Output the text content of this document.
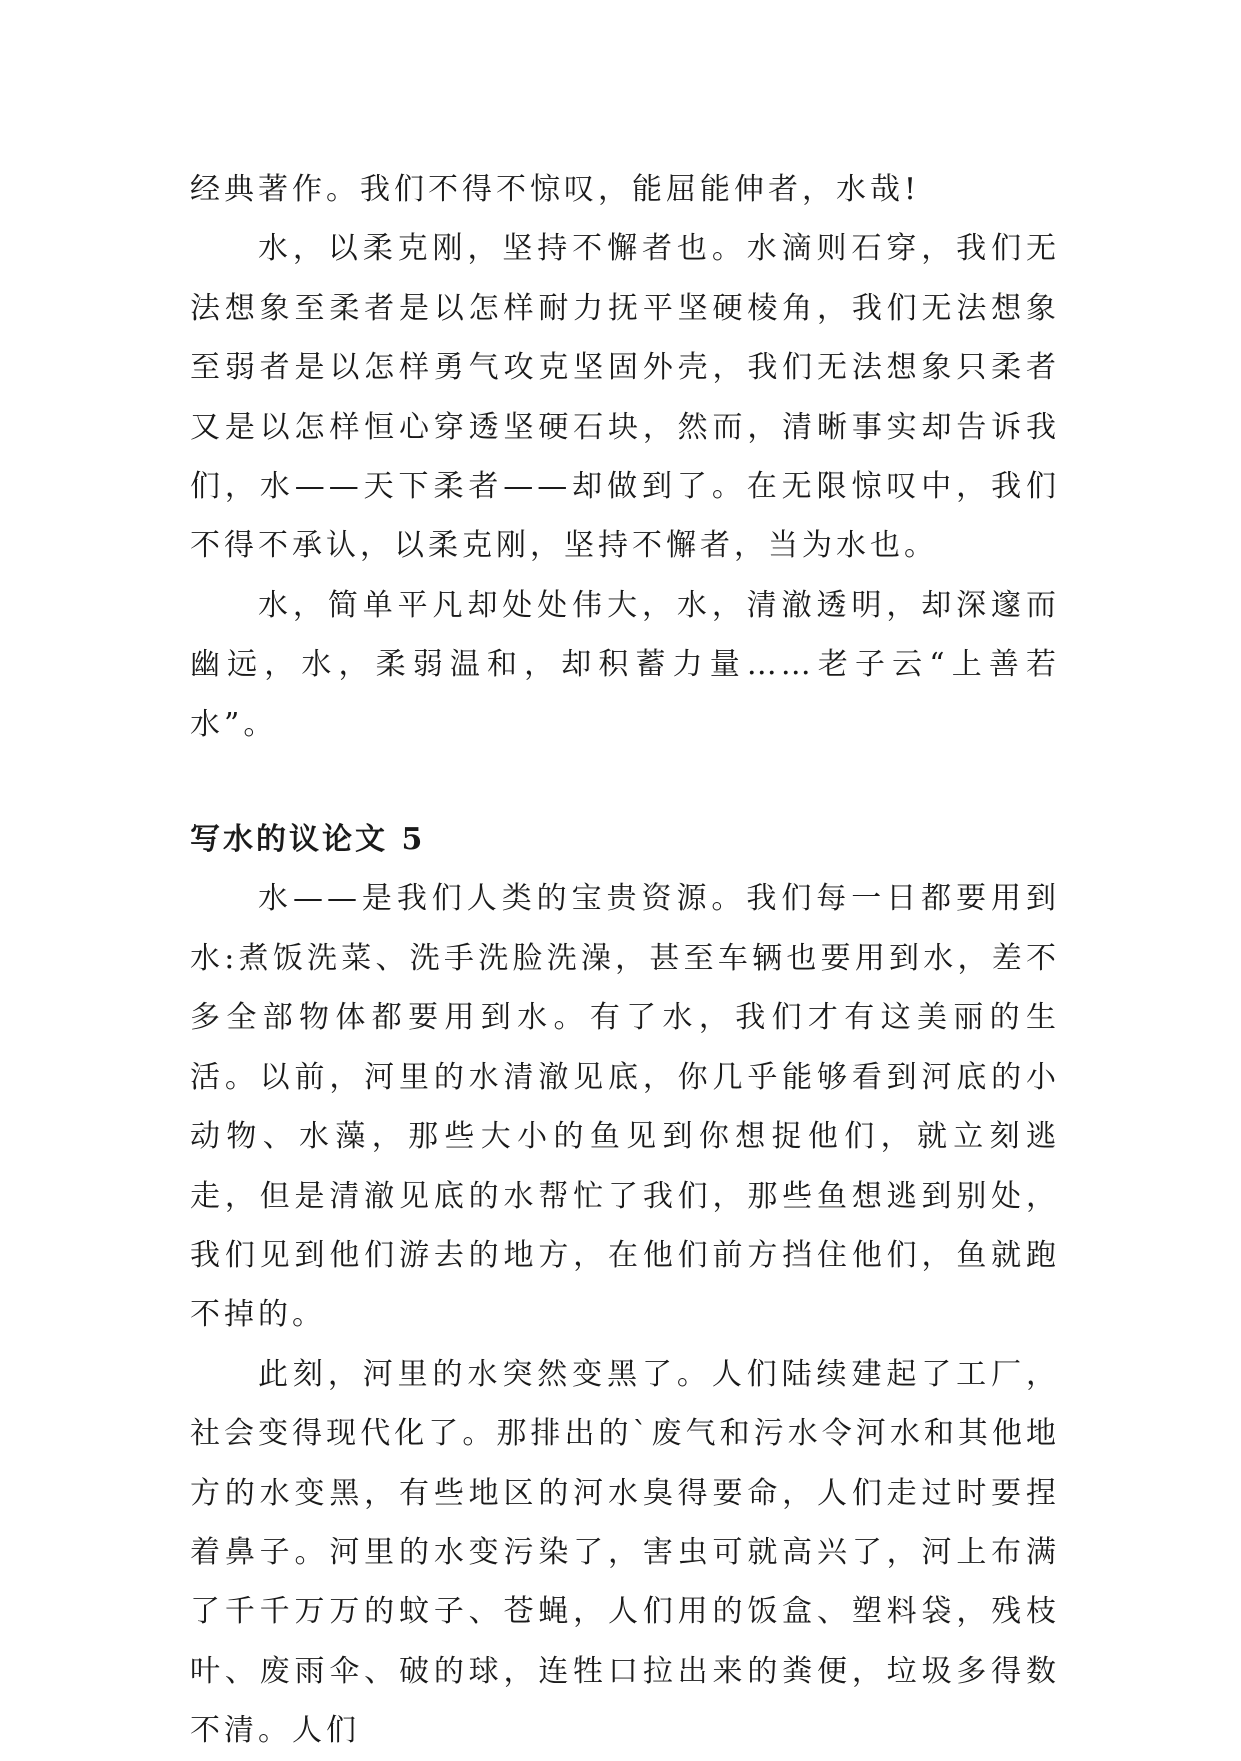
经典著作。我们不得不惊叹，能屈能伸者，水哉!

水，以柔克刚，坚持不懈者也。水滴则石穿，我们无法想象至柔者是以怎样耐力抚平坚硬棱角，我们无法想象至弱者是以怎样勇气攻克坚固外壳，我们无法想象只柔者又是以怎样恒心穿透坚硬石块，然而，清晰事实却告诉我们，水——天下柔者——却做到了。在无限惊叹中，我们不得不承认，以柔克刚，坚持不懈者，当为水也。

水，简单平凡却处处伟大，水，清澈透明，却深邃而幽远，水，柔弱温和，却积蓄力量……老子云“上善若水”。

写水的议论文 5

水——是我们人类的宝贵资源。我们每一日都要用到水:煮饭洗菜、洗手洗脸洗澡，甚至车辆也要用到水，差不多全部物体都要用到水。有了水，我们才有这美丽的生活。以前，河里的水清澈见底，你几乎能够看到河底的小动物、水藻，那些大小的鱼见到你想捉他们，就立刻逃走，但是清澈见底的水帮忙了我们，那些鱼想逃到别处，我们见到他们游去的地方，在他们前方挡住他们，鱼就跑不掉的。

此刻，河里的水突然变黑了。人们陆续建起了工厂，社会变得现代化了。那排出的`废气和污水令河水和其他地方的水变黑，有些地区的河水臭得要命，人们走过时要捏着鼻子。河里的水变污染了，害虫可就高兴了，河上布满了千千万万的蚊子、苍蝇，人们用的饭盒、塑料袋，残枝叶、废雨伞、破的球，连牲口拉出来的粪便，垃圾多得数不清。人们
